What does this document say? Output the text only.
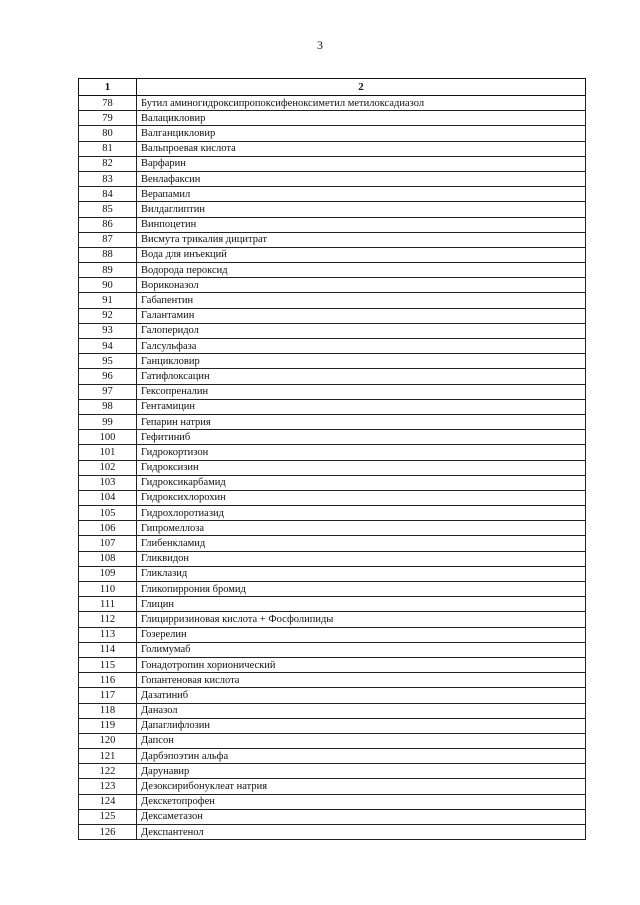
3
1	2
78	Бутил аминогидроксипропоксифеноксиметил метилоксадиазол
79	Валацикловир
80	Валганцикловир
81	Вальпроевая кислота
82	Варфарин
83	Венлафаксин
84	Верапамил
85	Вилдаглиптин
86	Винпоцетин
87	Висмута трикалия дицитрат
88	Вода для инъекций
89	Водорода пероксид
90	Вориконазол
91	Габапентин
92	Галантамин
93	Галоперидол
94	Галсульфаза
95	Ганцикловир
96	Гатифлоксацин
97	Гексопреналин
98	Гентамицин
99	Гепарин натрия
100	Гефитиниб
101	Гидрокортизон
102	Гидроксизин
103	Гидроксикарбамид
104	Гидроксихлорохин
105	Гидрохлоротиазид
106	Гипромеллоза
107	Глибенкламид
108	Гликвидон
109	Гликлазид
110	Гликопиррония бромид
111	Глицин
112	Глицирризиновая кислота + Фосфолипиды
113	Гозерелин
114	Голимумаб
115	Гонадотропин хорионический
116	Гопантеновая кислота
117	Дазатиниб
118	Даназол
119	Дапаглифлозин
120	Дапсон
121	Дарбэпоэтин альфа
122	Дарунавир
123	Дезоксирибонуклеат натрия
124	Декскетопрофен
125	Дексаметазон
126	Декспантенол
